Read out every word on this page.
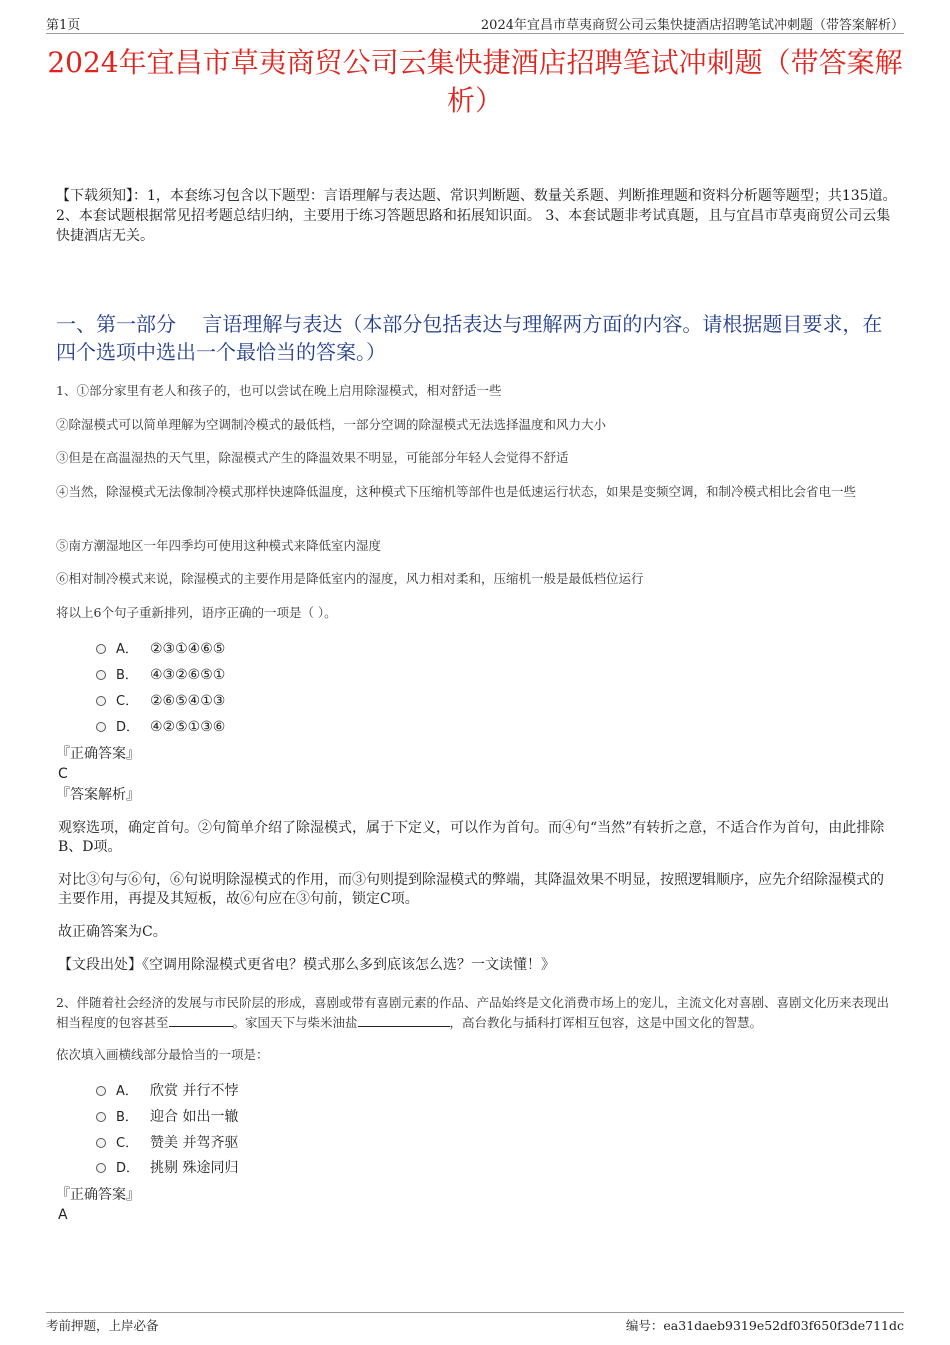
第1页	2024年宜昌市草夷商贸公司云集快捷酒店招聘笔试冲刺题（带答案解析）
2024年宜昌市草夷商贸公司云集快捷酒店招聘笔试冲刺题（带答案解析）
【下载须知】：1，本套练习包含以下题型：言语理解与表达题、常识判断题、数量关系题、判断推理题和资料分析题等题型；共135道。 2、本套试题根据常见招考题总结归纳，主要用于练习答题思路和拓展知识面。 3、本套试题非考试真题，且与宜昌市草夷商贸公司云集快捷酒店无关。
一、第一部分　 言语理解与表达（本部分包括表达与理解两方面的内容。请根据题目要求，在四个选项中选出一个最恰当的答案。）
1、①部分家里有老人和孩子的，也可以尝试在晚上启用除湿模式，相对舒适一些
②除湿模式可以简单理解为空调制冷模式的最低档，一部分空调的除湿模式无法选择温度和风力大小
③但是在高温湿热的天气里，除湿模式产生的降温效果不明显，可能部分年轻人会觉得不舒适
④当然，除湿模式无法像制冷模式那样快速降低温度，这种模式下压缩机等部件也是低速运行状态，如果是变频空调，和制冷模式相比会省电一些
⑤南方潮湿地区一年四季均可使用这种模式来降低室内湿度
⑥相对制冷模式来说，除湿模式的主要作用是降低室内的湿度，风力相对柔和，压缩机一般是最低档位运行
将以上6个句子重新排列，语序正确的一项是（ ）。
A． ②③①④⑥⑤
B． ④③②⑥⑤①
C． ②⑥⑤④①③
D． ④②⑤①③⑥
『正确答案』
C
『答案解析』
观察选项，确定首句。②句简单介绍了除湿模式，属于下定义，可以作为首句。而④句“当然”有转折之意，不适合作为首句，由此排除B、D项。
对比③句与⑥句，⑥句说明除湿模式的作用，而③句则提到除湿模式的弊端，其降温效果不明显，按照逻辑顺序，应先介绍除湿模式的主要作用，再提及其短板，故⑥句应在③句前，锁定C项。
故正确答案为C。
【文段出处】《空调用除湿模式更省电？模式那么多到底该怎么选？一文读懂！》
2、伴随着社会经济的发展与市民阶层的形成，喜剧或带有喜剧元素的作品、产品始终是文化消费市场上的宠儿，主流文化对喜剧、喜剧文化历来表现出相当程度的包容甚至	。家国天下与柴米油盐	，高台教化与插科打诨相互包容，这是中国文化的智慧。
依次填入画横线部分最恰当的一项是：
A． 欣赏 并行不悖
B． 迎合 如出一辙
C． 赞美 并驾齐驱
D． 挑剔 殊途同归
『正确答案』
A
考前押题，上岸必备	编号：ea31daeb9319e52df03f650f3de711dc
